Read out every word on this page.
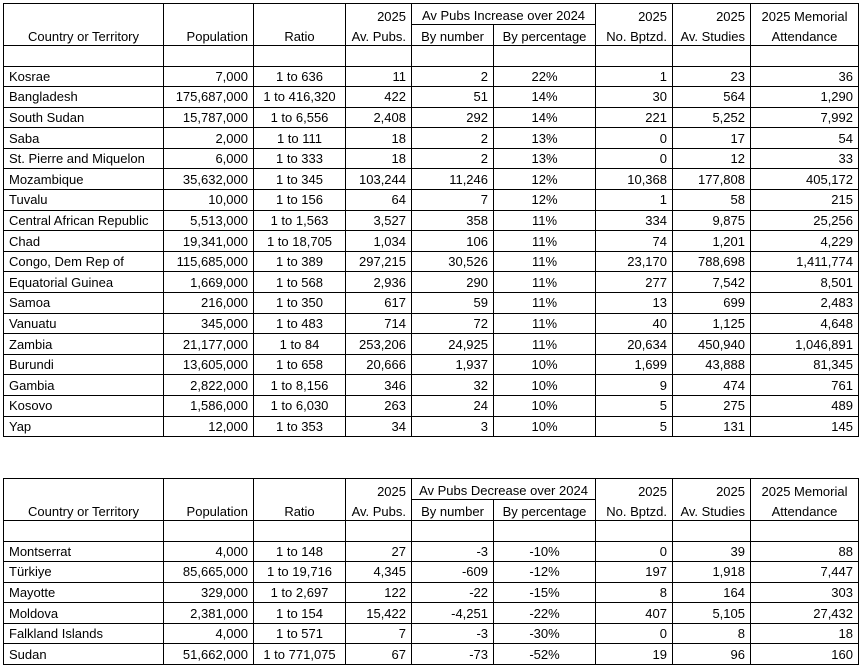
Country or Territory	Population	Ratio	2025	Av Pubs Increase over 2024		2025	2025	2025 Memorial
			Av. Pubs.	By number	By percentage	No. Bptzd.	Av. Studies	Attendance

Kosrae	7,000	1 to 636	11	2	22%	1	23	36
Bangladesh	175,687,000	1 to 416,320	422	51	14%	30	564	1,290
South Sudan	15,787,000	1 to 6,556	2,408	292	14%	221	5,252	7,992
Saba	2,000	1 to 111	18	2	13%	0	17	54
St. Pierre and Miquelon	6,000	1 to 333	18	2	13%	0	12	33
Mozambique	35,632,000	1 to 345	103,244	11,246	12%	10,368	177,808	405,172
Tuvalu	10,000	1 to 156	64	7	12%	1	58	215
Central African Republic	5,513,000	1 to 1,563	3,527	358	11%	334	9,875	25,256
Chad	19,341,000	1 to 18,705	1,034	106	11%	74	1,201	4,229
Congo, Dem Rep of	115,685,000	1 to 389	297,215	30,526	11%	23,170	788,698	1,411,774
Equatorial Guinea	1,669,000	1 to 568	2,936	290	11%	277	7,542	8,501
Samoa	216,000	1 to 350	617	59	11%	13	699	2,483
Vanuatu	345,000	1 to 483	714	72	11%	40	1,125	4,648
Zambia	21,177,000	1 to 84	253,206	24,925	11%	20,634	450,940	1,046,891
Burundi	13,605,000	1 to 658	20,666	1,937	10%	1,699	43,888	81,345
Gambia	2,822,000	1 to 8,156	346	32	10%	9	474	761
Kosovo	1,586,000	1 to 6,030	263	24	10%	5	275	489
Yap	12,000	1 to 353	34	3	10%	5	131	145
Country or Territory	Population	Ratio	2025	Av Pubs Decrease over 2024		2025	2025	2025 Memorial
			Av. Pubs.	By number	By percentage	No. Bptzd.	Av. Studies	Attendance

Montserrat	4,000	1 to 148	27	-3	-10%	0	39	88
Türkiye	85,665,000	1 to 19,716	4,345	-609	-12%	197	1,918	7,447
Mayotte	329,000	1 to 2,697	122	-22	-15%	8	164	303
Moldova	2,381,000	1 to 154	15,422	-4,251	-22%	407	5,105	27,432
Falkland Islands	4,000	1 to 571	7	-3	-30%	0	8	18
Sudan	51,662,000	1 to 771,075	67	-73	-52%	19	96	160
